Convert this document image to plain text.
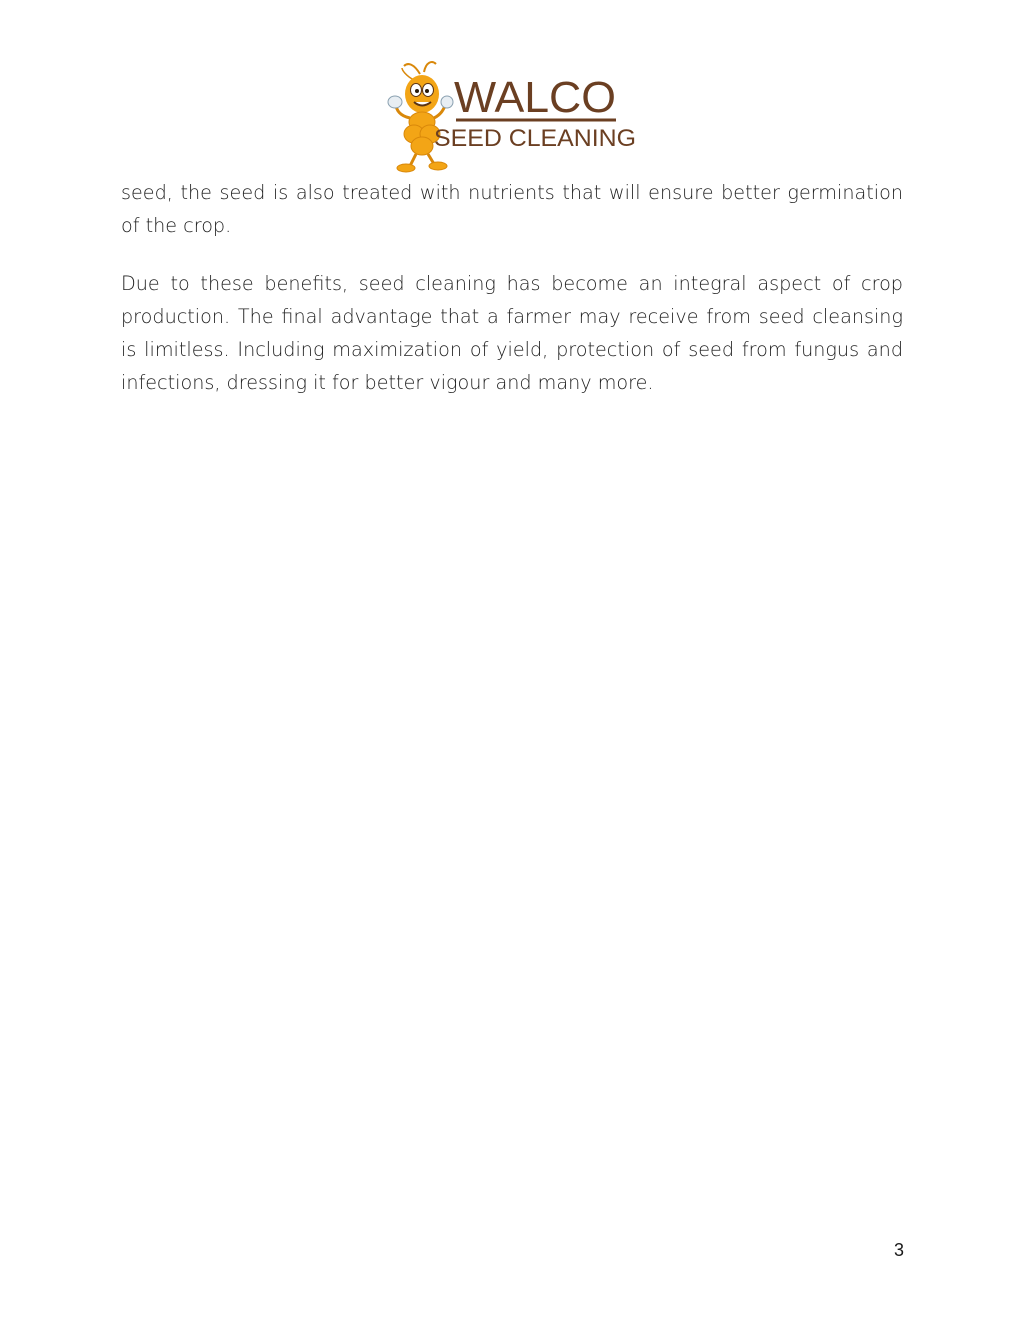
WALCO
SEED CLEANING

seed, the seed is also treated with nutrients that will ensure better germination of the crop.

Due to these benefits, seed cleaning has become an integral aspect of crop production. The final advantage that a farmer may receive from seed cleansing is limitless. Including maximization of yield, protection of seed from fungus and infections, dressing it for better vigour and many more.

3
